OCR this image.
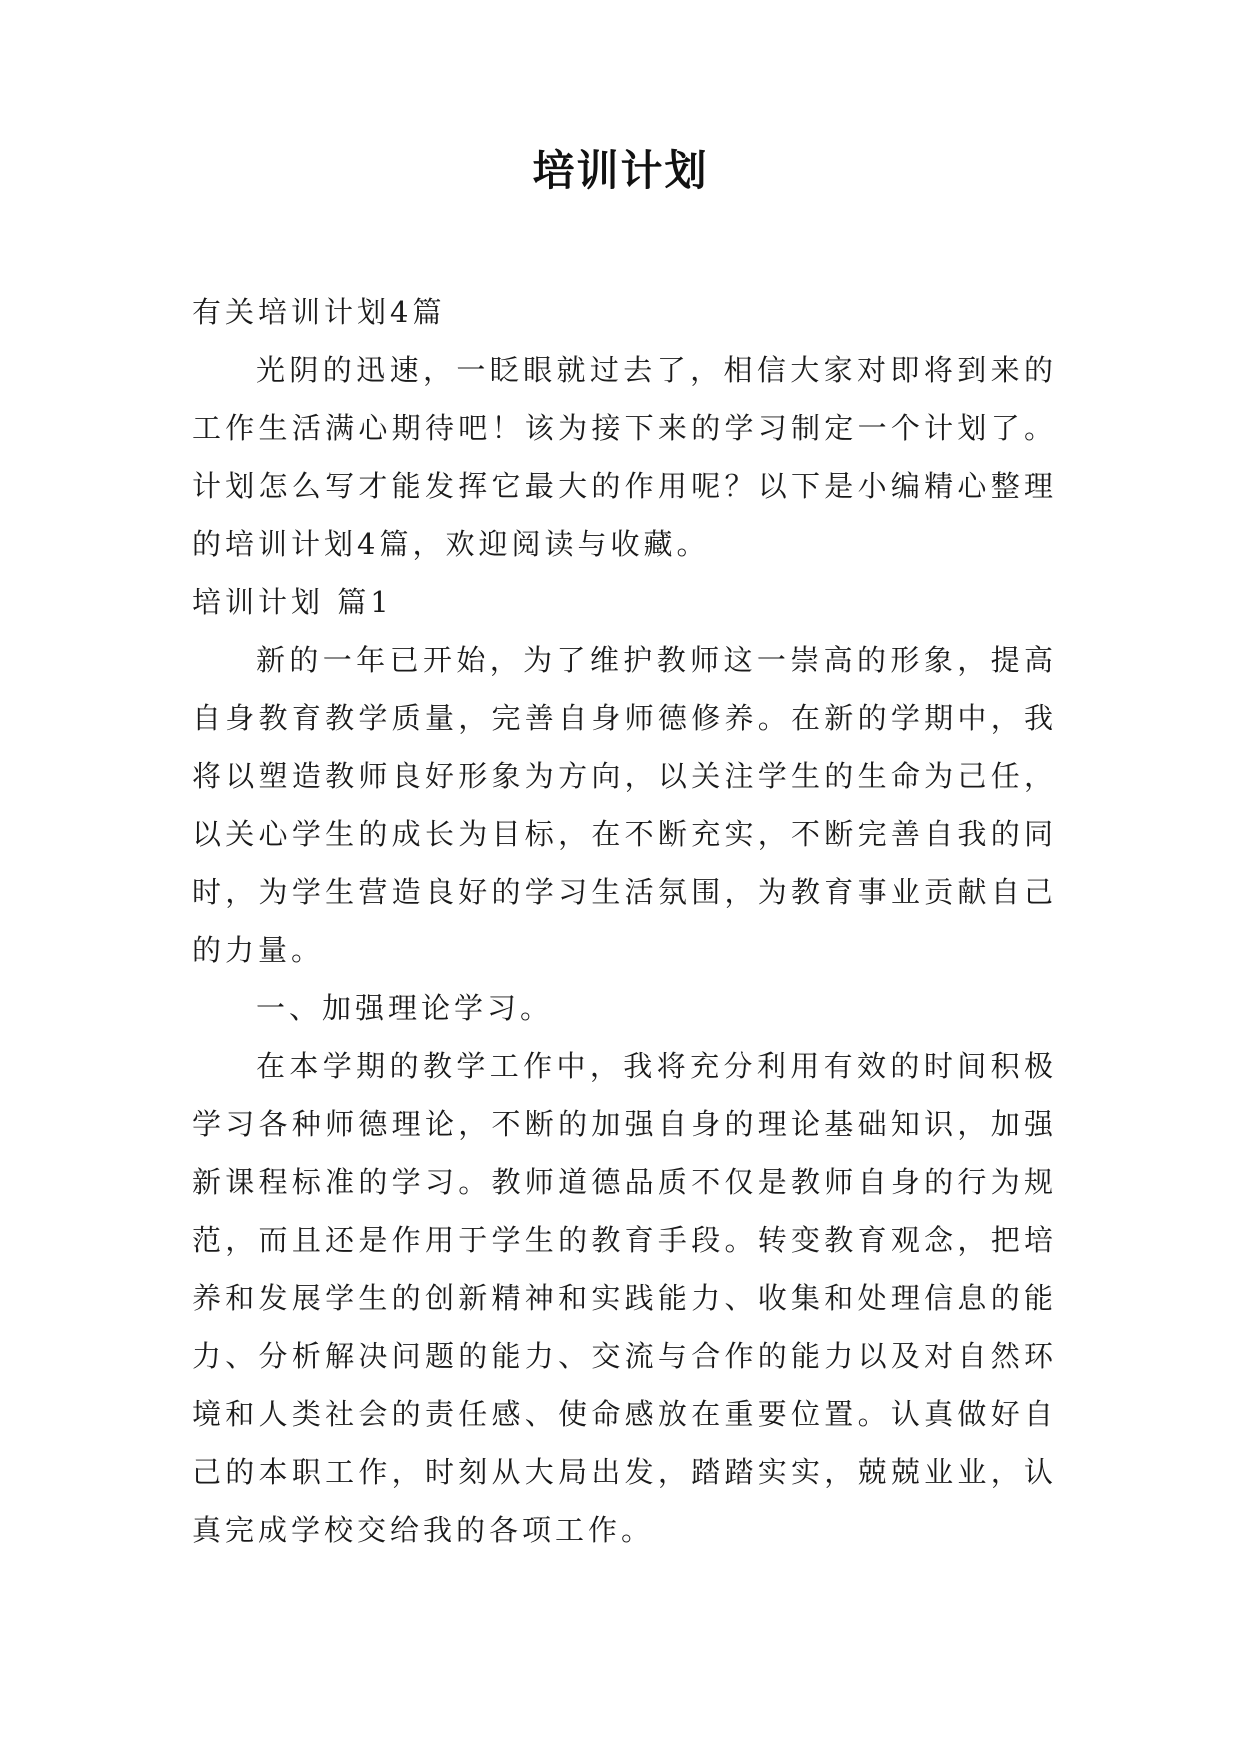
培训计划

有关培训计划4篇

光阴的迅速，一眨眼就过去了，相信大家对即将到来的工作生活满心期待吧！该为接下来的学习制定一个计划了。计划怎么写才能发挥它最大的作用呢？以下是小编精心整理的培训计划4篇，欢迎阅读与收藏。

培训计划 篇1

新的一年已开始，为了维护教师这一崇高的形象，提高自身教育教学质量，完善自身师德修养。在新的学期中，我将以塑造教师良好形象为方向，以关注学生的生命为己任，以关心学生的成长为目标，在不断充实，不断完善自我的同时，为学生营造良好的学习生活氛围，为教育事业贡献自己的力量。

一、加强理论学习。

在本学期的教学工作中，我将充分利用有效的时间积极学习各种师德理论，不断的加强自身的理论基础知识，加强新课程标准的学习。教师道德品质不仅是教师自身的行为规范，而且还是作用于学生的教育手段。转变教育观念，把培养和发展学生的创新精神和实践能力、收集和处理信息的能力、分析解决问题的能力、交流与合作的能力以及对自然环境和人类社会的责任感、使命感放在重要位置。认真做好自己的本职工作，时刻从大局出发，踏踏实实，兢兢业业，认真完成学校交给我的各项工作。
